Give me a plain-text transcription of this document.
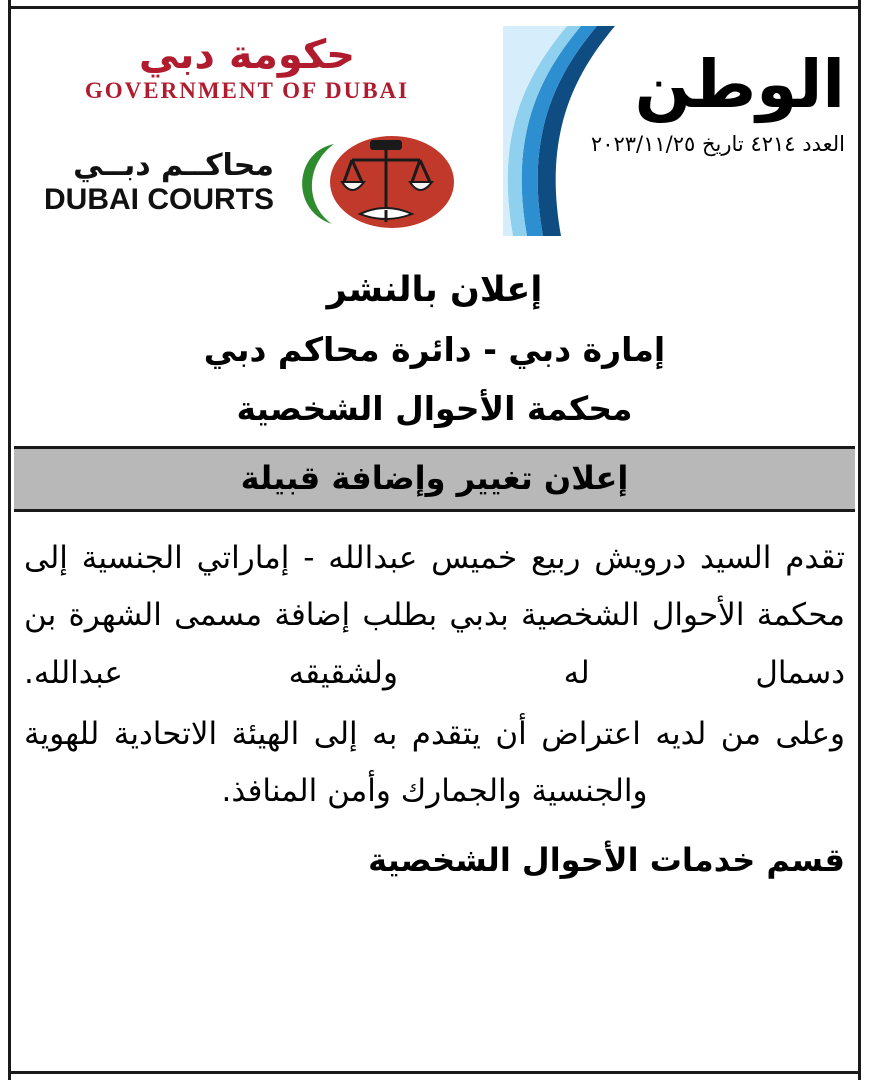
الوطن
العدد ٤٢١٤ تاريخ ٢٠٢٣/١١/٢٥
حكومة دبي
GOVERNMENT OF DUBAI
محاكــم دبــي
DUBAI COURTS
إعلان بالنشر
إمارة دبي - دائرة محاكم دبي
محكمة الأحوال الشخصية
إعلان تغيير وإضافة قبيلة

تقدم السيد درويش ربيع خميس عبدالله - إماراتي الجنسية إلى محكمة الأحوال الشخصية بدبي بطلب إضافة مسمى الشهرة بن دسمال له ولشقيقه عبدالله.

وعلى من لديه اعتراض أن يتقدم به إلى الهيئة الاتحادية للهوية والجنسية والجمارك وأمن المنافذ.

قسم خدمات الأحوال الشخصية
